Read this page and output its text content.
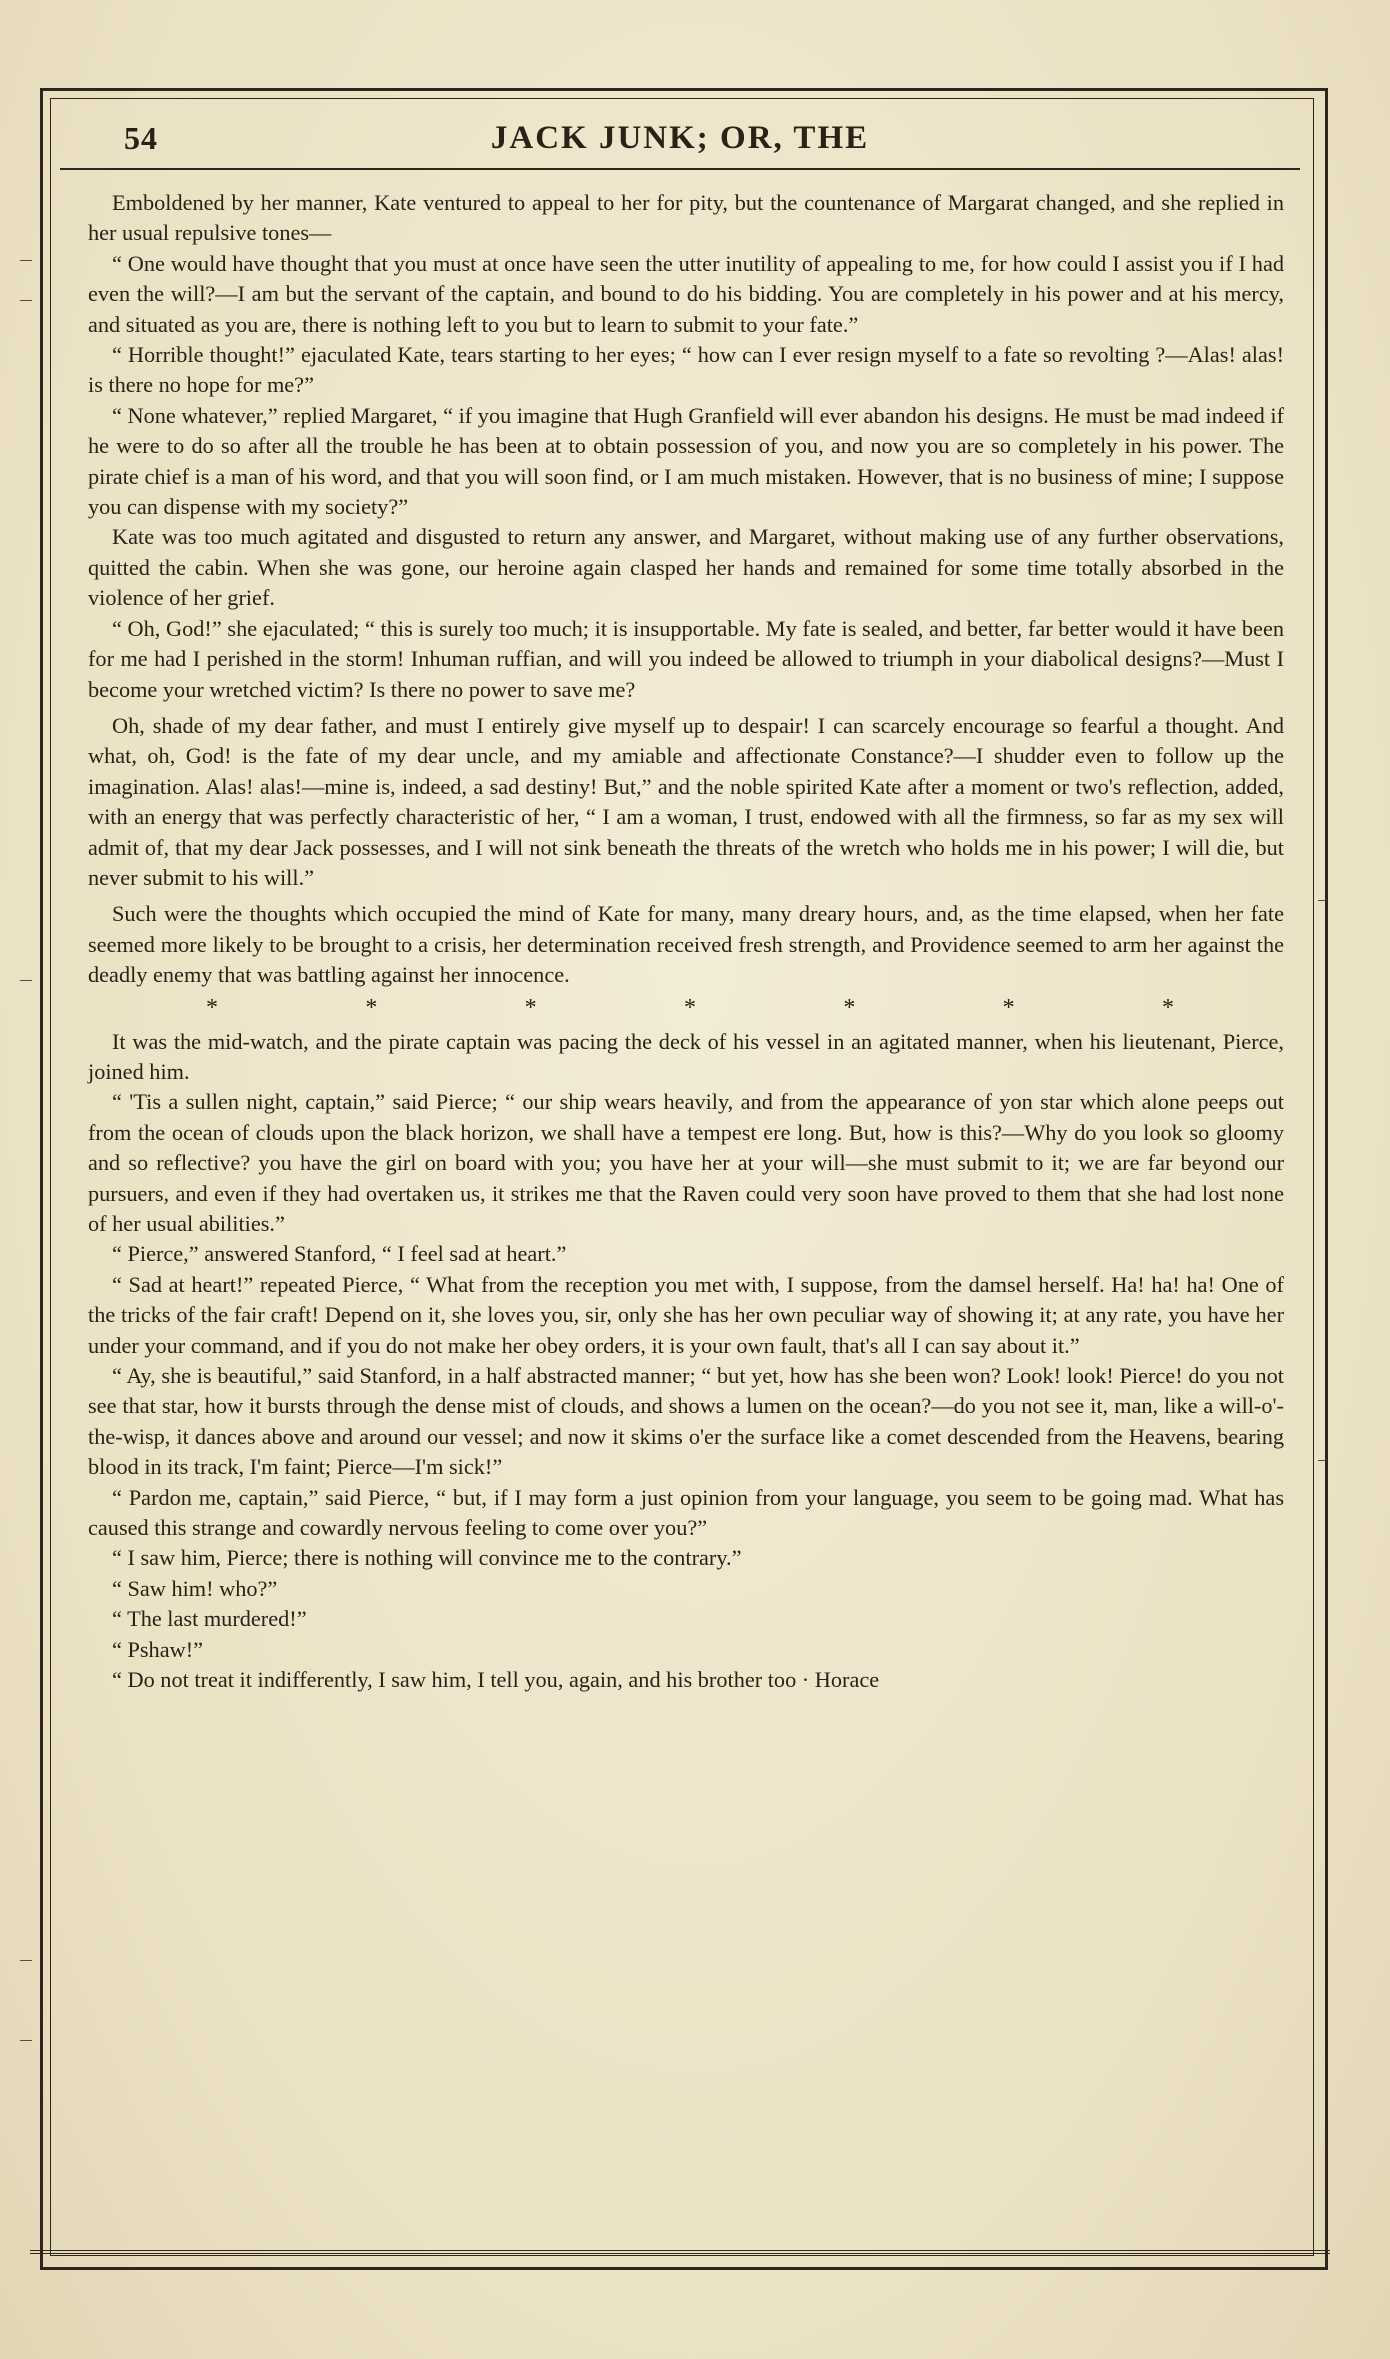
54	JACK JUNK; OR, THE

Emboldened by her manner, Kate ventured to appeal to her for pity, but the countenance of Margarat changed, and she replied in her usual repulsive tones—

“ One would have thought that you must at once have seen the utter inutility of appealing to me, for how could I assist you if I had even the will?—I am but the servant of the captain, and bound to do his bidding. You are completely in his power and at his mercy, and situated as you are, there is nothing left to you but to learn to submit to your fate.”

“ Horrible thought!” ejaculated Kate, tears starting to her eyes; “ how can I ever resign myself to a fate so revolting ?—Alas! alas! is there no hope for me?”

“ None whatever,” replied Margaret, “ if you imagine that Hugh Granfield will ever abandon his designs. He must be mad indeed if he were to do so after all the trouble he has been at to obtain possession of you, and now you are so completely in his power. The pirate chief is a man of his word, and that you will soon find, or I am much mistaken. However, that is no business of mine; I suppose you can dispense with my society?”

Kate was too much agitated and disgusted to return any answer, and Margaret, without making use of any further observations, quitted the cabin. When she was gone, our heroine again clasped her hands and remained for some time totally absorbed in the violence of her grief.

“ Oh, God!” she ejaculated; “ this is surely too much; it is insupportable. My fate is sealed, and better, far better would it have been for me had I perished in the storm! Inhuman ruffian, and will you indeed be allowed to triumph in your diabolical designs?—Must I become your wretched victim? Is there no power to save me?

Oh, shade of my dear father, and must I entirely give myself up to despair! I can scarcely encourage so fearful a thought. And what, oh, God! is the fate of my dear uncle, and my amiable and affectionate Constance?—I shudder even to follow up the imagination. Alas! alas!—mine is, indeed, a sad destiny! But,” and the noble spirited Kate after a moment or two's reflection, added, with an energy that was perfectly characteristic of her, “ I am a woman, I trust, endowed with all the firmness, so far as my sex will admit of, that my dear Jack possesses, and I will not sink beneath the threats of the wretch who holds me in his power; I will die, but never submit to his will.”

Such were the thoughts which occupied the mind of Kate for many, many dreary hours, and, as the time elapsed, when her fate seemed more likely to be brought to a crisis, her determination received fresh strength, and Providence seemed to arm her against the deadly enemy that was battling against her innocence.

*	*	*	*	*	*	*

It was the mid-watch, and the pirate captain was pacing the deck of his vessel in an agitated manner, when his lieutenant, Pierce, joined him.

“ 'Tis a sullen night, captain,” said Pierce; “ our ship wears heavily, and from the appearance of yon star which alone peeps out from the ocean of clouds upon the black horizon, we shall have a tempest ere long. But, how is this?—Why do you look so gloomy and so reflective? you have the girl on board with you; you have her at your will—she must submit to it; we are far beyond our pursuers, and even if they had overtaken us, it strikes me that the Raven could very soon have proved to them that she had lost none of her usual abilities.”

“ Pierce,” answered Stanford, “ I feel sad at heart.”

“ Sad at heart!” repeated Pierce, “ What from the reception you met with, I suppose, from the damsel herself. Ha! ha! ha! One of the tricks of the fair craft! Depend on it, she loves you, sir, only she has her own peculiar way of showing it; at any rate, you have her under your command, and if you do not make her obey orders, it is your own fault, that's all I can say about it.”

“ Ay, she is beautiful,” said Stanford, in a half abstracted manner; “ but yet, how has she been won? Look! look! Pierce! do you not see that star, how it bursts through the dense mist of clouds, and shows a lumen on the ocean?—do you not see it, man, like a will-o'-the-wisp, it dances above and around our vessel; and now it skims o'er the surface like a comet descended from the Heavens, bearing blood in its track, I'm faint; Pierce—I'm sick!”

“ Pardon me, captain,” said Pierce, “ but, if I may form a just opinion from your language, you seem to be going mad. What has caused this strange and cowardly nervous feeling to come over you?”

“ I saw him, Pierce; there is nothing will convince me to the contrary.”

“ Saw him! who?”

“ The last murdered!”

“ Pshaw!”

“ Do not treat it indifferently, I saw him, I tell you, again, and his brother too · Horace
